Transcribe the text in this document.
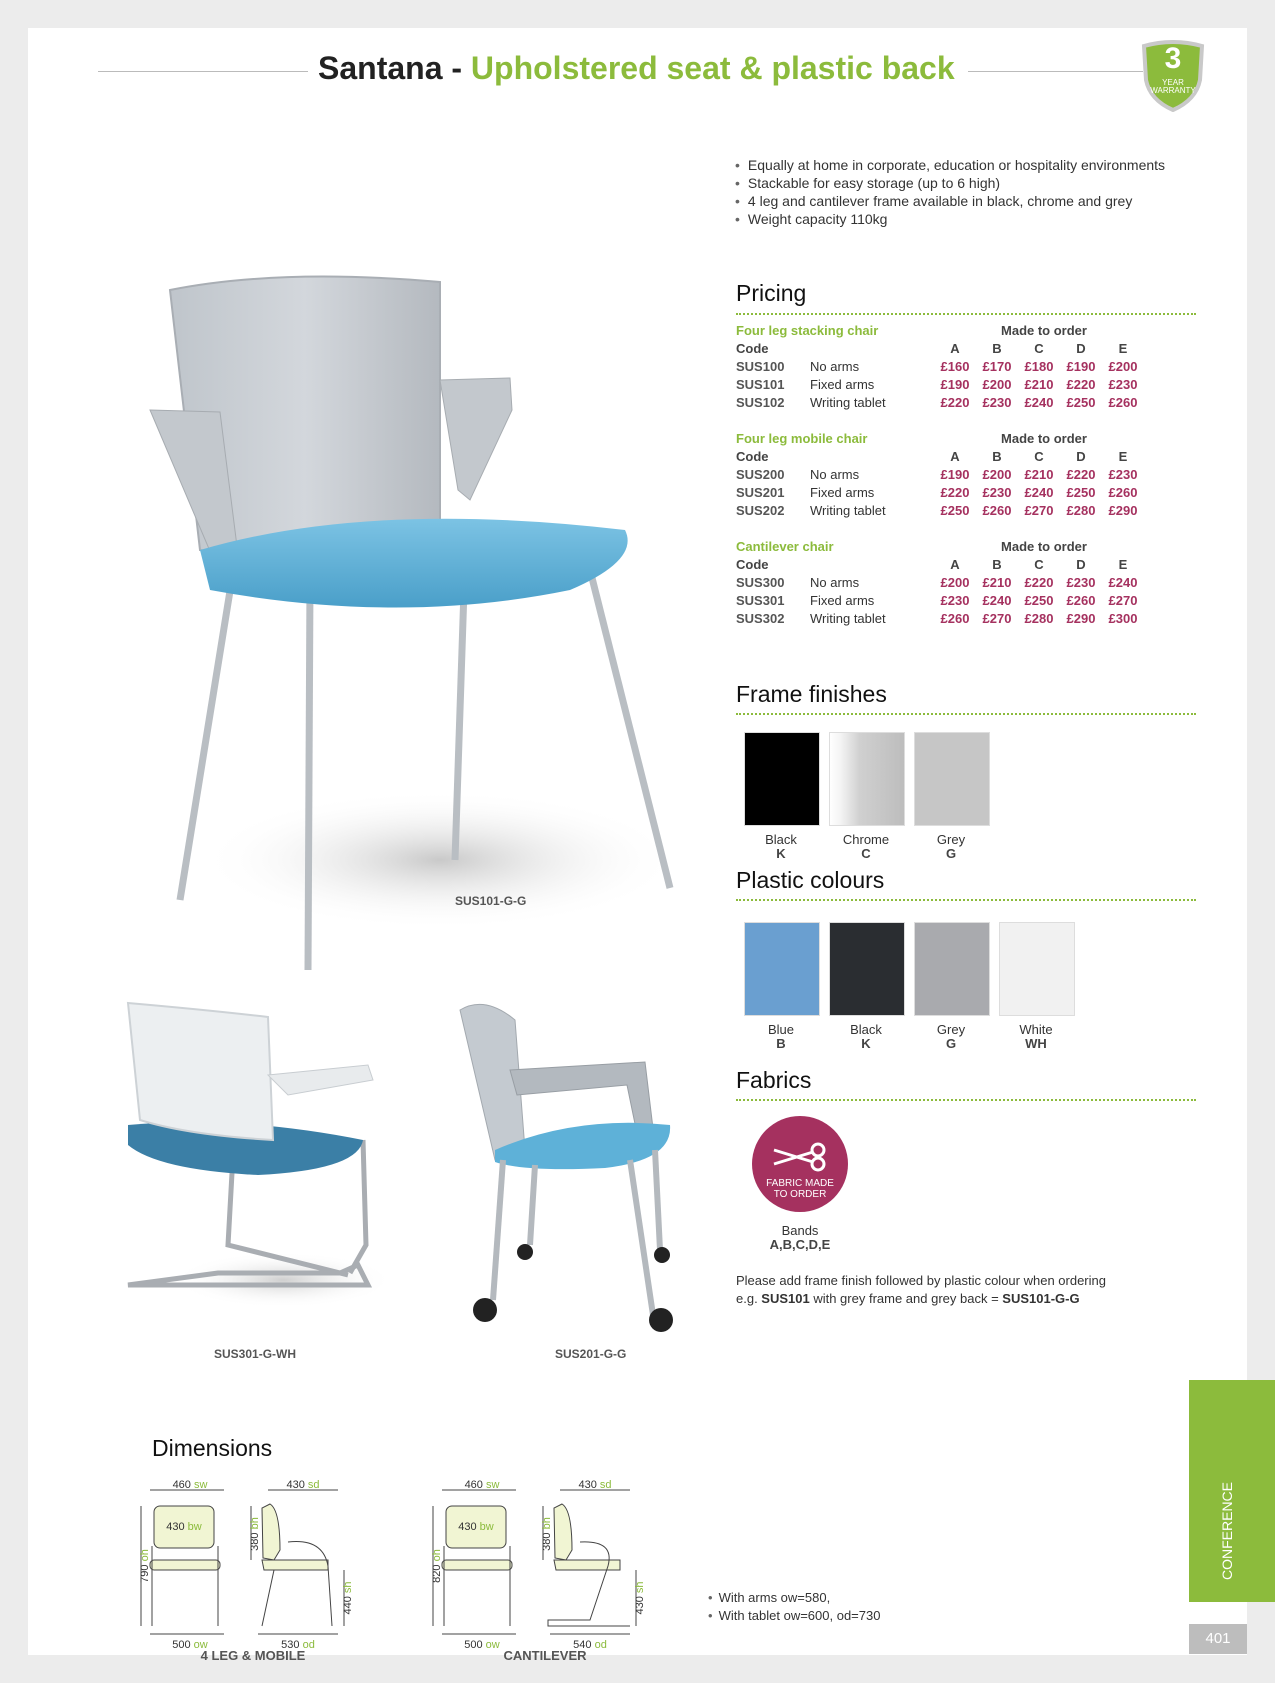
Santana - Upholstered seat & plastic back	3
YEAR
WARRANTY
• Equally at home in corporate, education or hospitality environments
• Stackable for easy storage (up to 6 high)
• 4 leg and cantilever frame available in black, chrome and grey
• Weight capacity 110kg
SUS101-G-G
SUS301-G-WH	SUS201-G-G
Pricing
Four leg stacking chair	Made to order
Code	A	B	C	D	E
SUS100 No arms	£160	£170	£180	£190	£200
SUS101 Fixed arms	£190	£200	£210	£220	£230
SUS102 Writing tablet	£220	£230	£240	£250	£260
Four leg mobile chair	Made to order
Code	A	B	C	D	E
SUS200 No arms	£190	£200	£210	£220	£230
SUS201 Fixed arms	£220	£230	£240	£250	£260
SUS202 Writing tablet	£250	£260	£270	£280	£290
Cantilever chair	Made to order
Code	A	B	C	D	E
SUS300 No arms	£200	£210	£220	£230	£240
SUS301 Fixed arms	£230	£240	£250	£260	£270
SUS302 Writing tablet	£260	£270	£280	£290	£300
Frame finishes
Black
K
Chrome
C
Grey
G
Plastic colours
Blue
B
Black
K
Grey
G
White
WH
Fabrics
FABRIC MADE
TO ORDER
Bands
A,B,C,D,E
Please add frame finish followed by plastic colour when ordering
e.g. SUS101 with grey frame and grey back = SUS101-G-G
Dimensions
460 sw
430 bw
790 oh
500 ow
430 sd
380 bh
440 sh
530 od
4 LEG & MOBILE
460 sw
430 bw
820 oh
500 ow
430 sd
380 bh
430 sh
540 od
CANTILEVER
• With arms ow=580,
• With tablet ow=600, od=730
CONFERENCE
401
